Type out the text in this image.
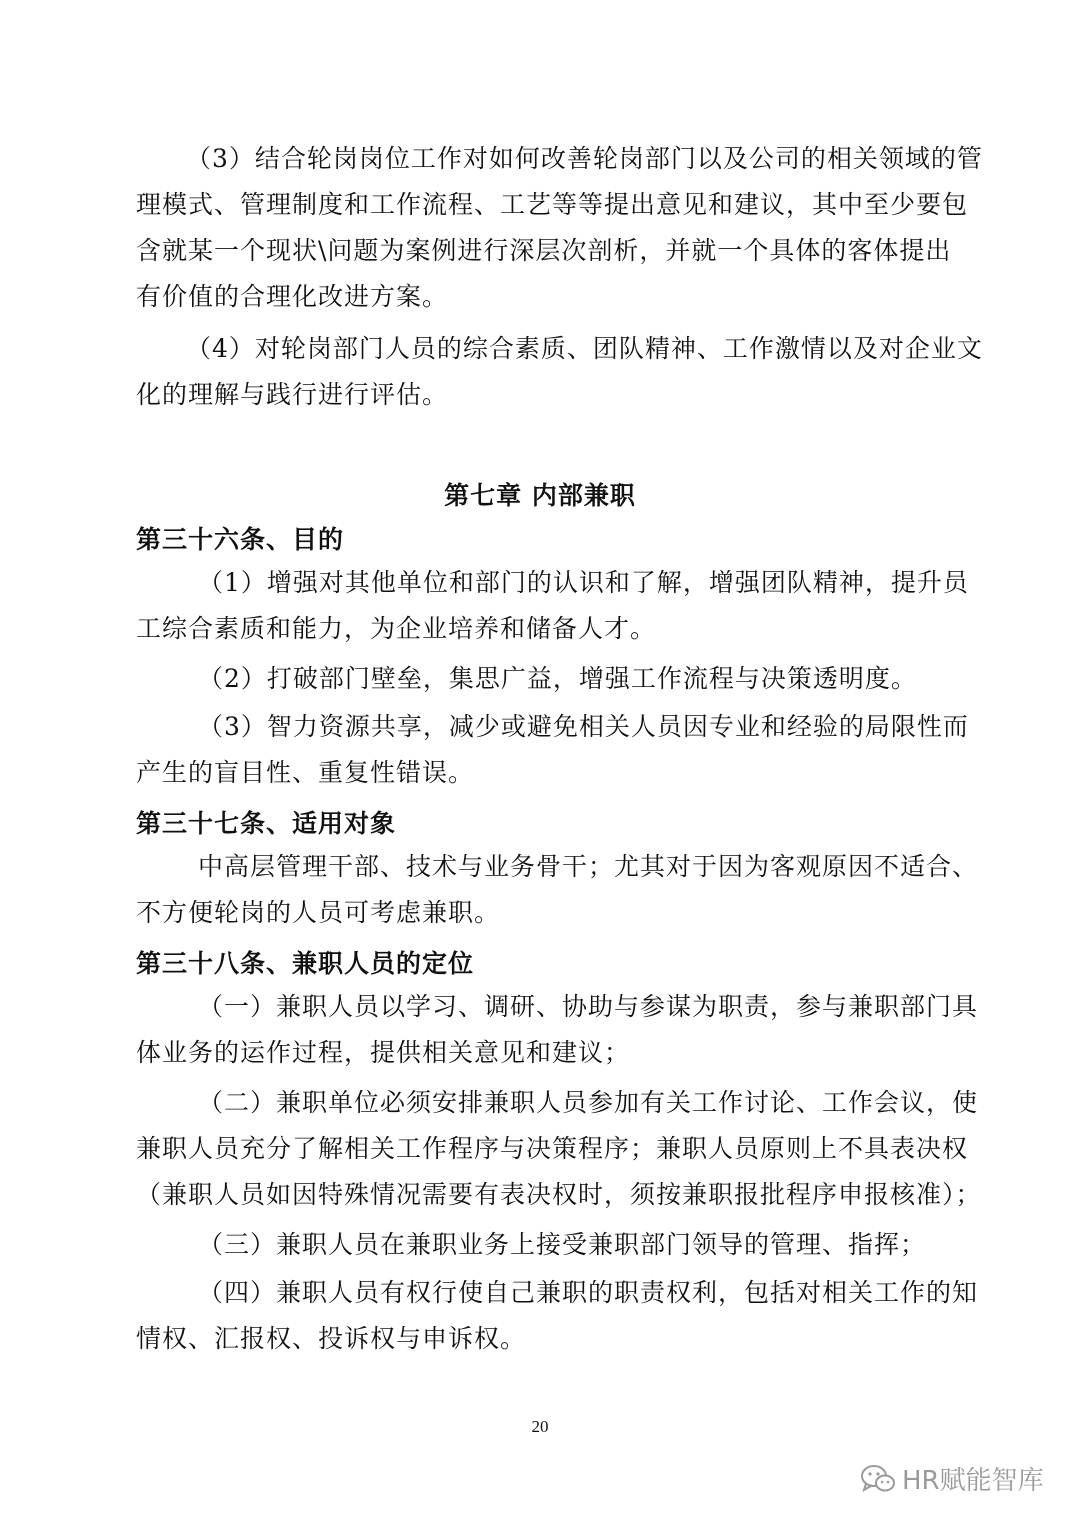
（3）结合轮岗岗位工作对如何改善轮岗部门以及公司的相关领域的管
理模式、管理制度和工作流程、工艺等等提出意见和建议，其中至少要包
含就某一个现状\问题为案例进行深层次剖析，并就一个具体的客体提出
有价值的合理化改进方案。

（4）对轮岗部门人员的综合素质、团队精神、工作激情以及对企业文
化的理解与践行进行评估。

第七章 内部兼职
第三十六条、目的

（1）增强对其他单位和部门的认识和了解，增强团队精神，提升员
工综合素质和能力，为企业培养和储备人才。

（2）打破部门壁垒，集思广益，增强工作流程与决策透明度。

（3）智力资源共享，减少或避免相关人员因专业和经验的局限性而
产生的盲目性、重复性错误。

第三十七条、适用对象

中高层管理干部、技术与业务骨干；尤其对于因为客观原因不适合、
不方便轮岗的人员可考虑兼职。

第三十八条、兼职人员的定位

（一）兼职人员以学习、调研、协助与参谋为职责，参与兼职部门具
体业务的运作过程，提供相关意见和建议；

（二）兼职单位必须安排兼职人员参加有关工作讨论、工作会议，使
兼职人员充分了解相关工作程序与决策程序；兼职人员原则上不具表决权
（兼职人员如因特殊情况需要有表决权时，须按兼职报批程序申报核准）；

（三）兼职人员在兼职业务上接受兼职部门领导的管理、指挥；

（四）兼职人员有权行使自己兼职的职责权利，包括对相关工作的知
情权、汇报权、投诉权与申诉权。

20
HR赋能智库
